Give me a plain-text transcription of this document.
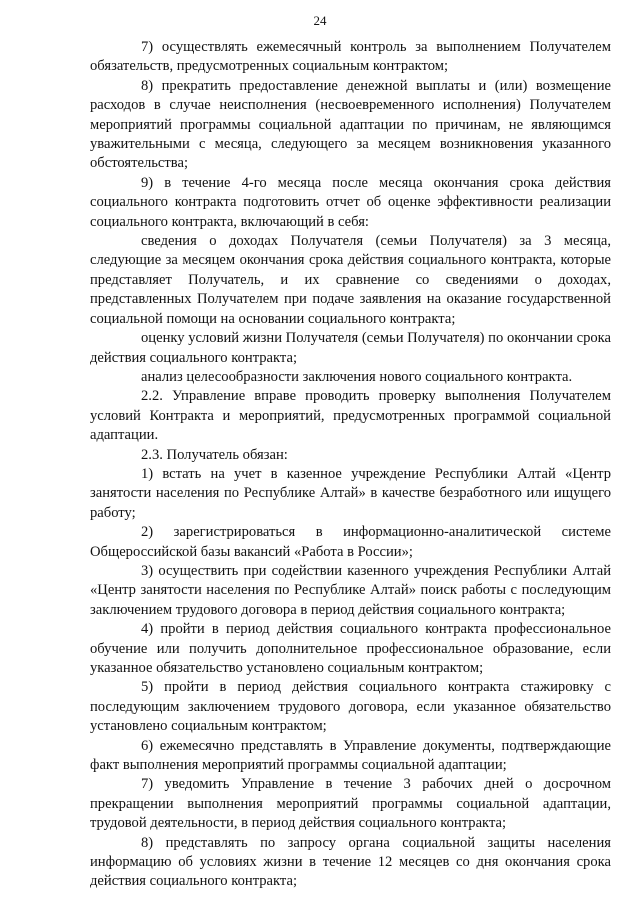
24

7) осуществлять ежемесячный контроль за выполнением Получателем обязательств, предусмотренных социальным контрактом;

8) прекратить предоставление денежной выплаты и (или) возмещение расходов в случае неисполнения (несвоевременного исполнения) Получателем мероприятий программы социальной адаптации по причинам, не являющимся уважительными с месяца, следующего за месяцем возникновения указанного обстоятельства;

9) в течение 4-го месяца после месяца окончания срока действия социального контракта подготовить отчет об оценке эффективности реализации социального контракта, включающий в себя:

сведения о доходах Получателя (семьи Получателя) за 3 месяца, следующие за месяцем окончания срока действия социального контракта, которые представляет Получатель, и их сравнение со сведениями о доходах, представленных Получателем при подаче заявления на оказание государственной социальной помощи на основании социального контракта;

оценку условий жизни Получателя (семьи Получателя) по окончании срока действия социального контракта;

анализ целесообразности заключения нового социального контракта.

2.2. Управление вправе проводить проверку выполнения Получателем условий Контракта и мероприятий, предусмотренных программой социальной адаптации.

2.3. Получатель обязан:

1) встать на учет в казенное учреждение Республики Алтай «Центр занятости населения по Республике Алтай» в качестве безработного или ищущего работу;

2) зарегистрироваться в информационно-аналитической системе Общероссийской базы вакансий «Работа в России»;

3) осуществить при содействии казенного учреждения Республики Алтай «Центр занятости населения по Республике Алтай» поиск работы с последующим заключением трудового договора в период действия социального контракта;

4) пройти в период действия социального контракта профессиональное обучение или получить дополнительное профессиональное образование, если указанное обязательство установлено социальным контрактом;

5) пройти в период действия социального контракта стажировку с последующим заключением трудового договора, если указанное обязательство установлено социальным контрактом;

6) ежемесячно представлять в Управление документы, подтверждающие факт выполнения мероприятий программы социальной адаптации;

7) уведомить Управление в течение 3 рабочих дней о досрочном прекращении выполнения мероприятий программы социальной адаптации, трудовой деятельности, в период действия социального контракта;

8) представлять по запросу органа социальной защиты населения информацию об условиях жизни в течение 12 месяцев со дня окончания срока действия социального контракта;
